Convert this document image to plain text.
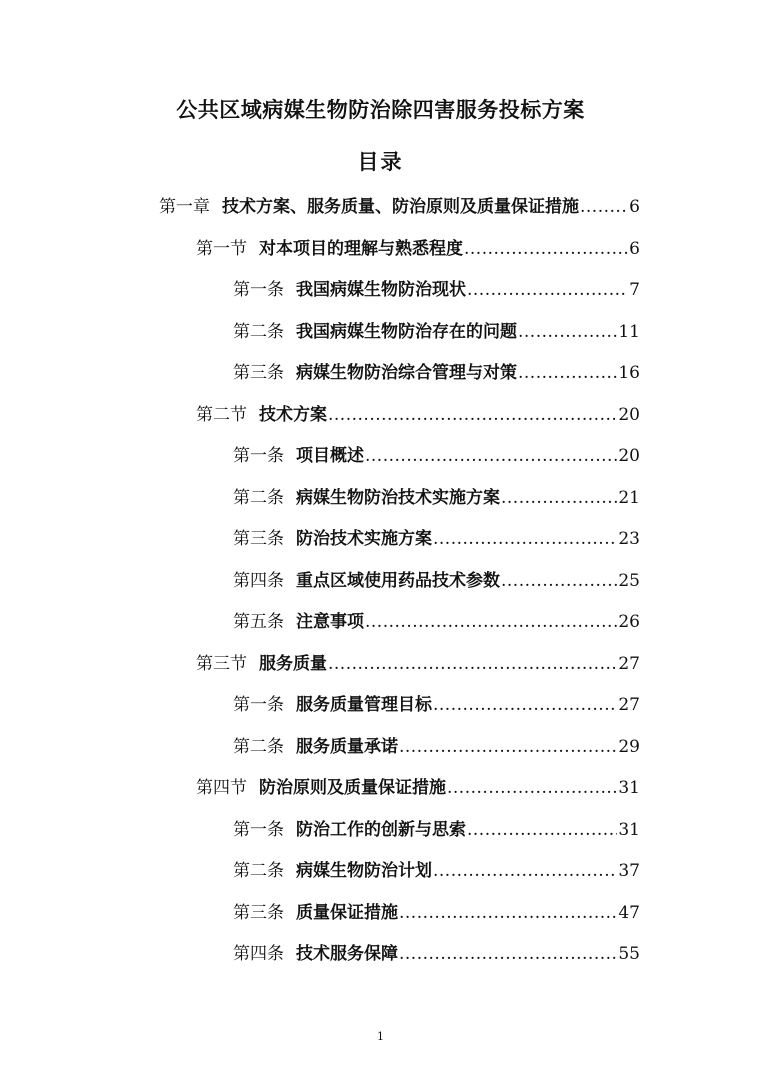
公共区域病媒生物防治除四害服务投标方案
目录
第一章 技术方案、服务质量、防治原则及质量保证措施 .....	6
第一节 对本项目的理解与熟悉程度 .....	6
第一条 我国病媒生物防治现状 .....	7
第二条 我国病媒生物防治存在的问题 .....	11
第三条 病媒生物防治综合管理与对策 .....	16
第二节 技术方案 .....	20
第一条 项目概述 .....	20
第二条 病媒生物防治技术实施方案 .....	21
第三条 防治技术实施方案 .....	23
第四条 重点区域使用药品技术参数 .....	25
第五条 注意事项 .....	26
第三节 服务质量 .....	27
第一条 服务质量管理目标 .....	27
第二条 服务质量承诺 .....	29
第四节 防治原则及质量保证措施 .....	31
第一条 防治工作的创新与思索 .....	31
第二条 病媒生物防治计划 .....	37
第三条 质量保证措施 .....	47
第四条 技术服务保障 .....	55
1
